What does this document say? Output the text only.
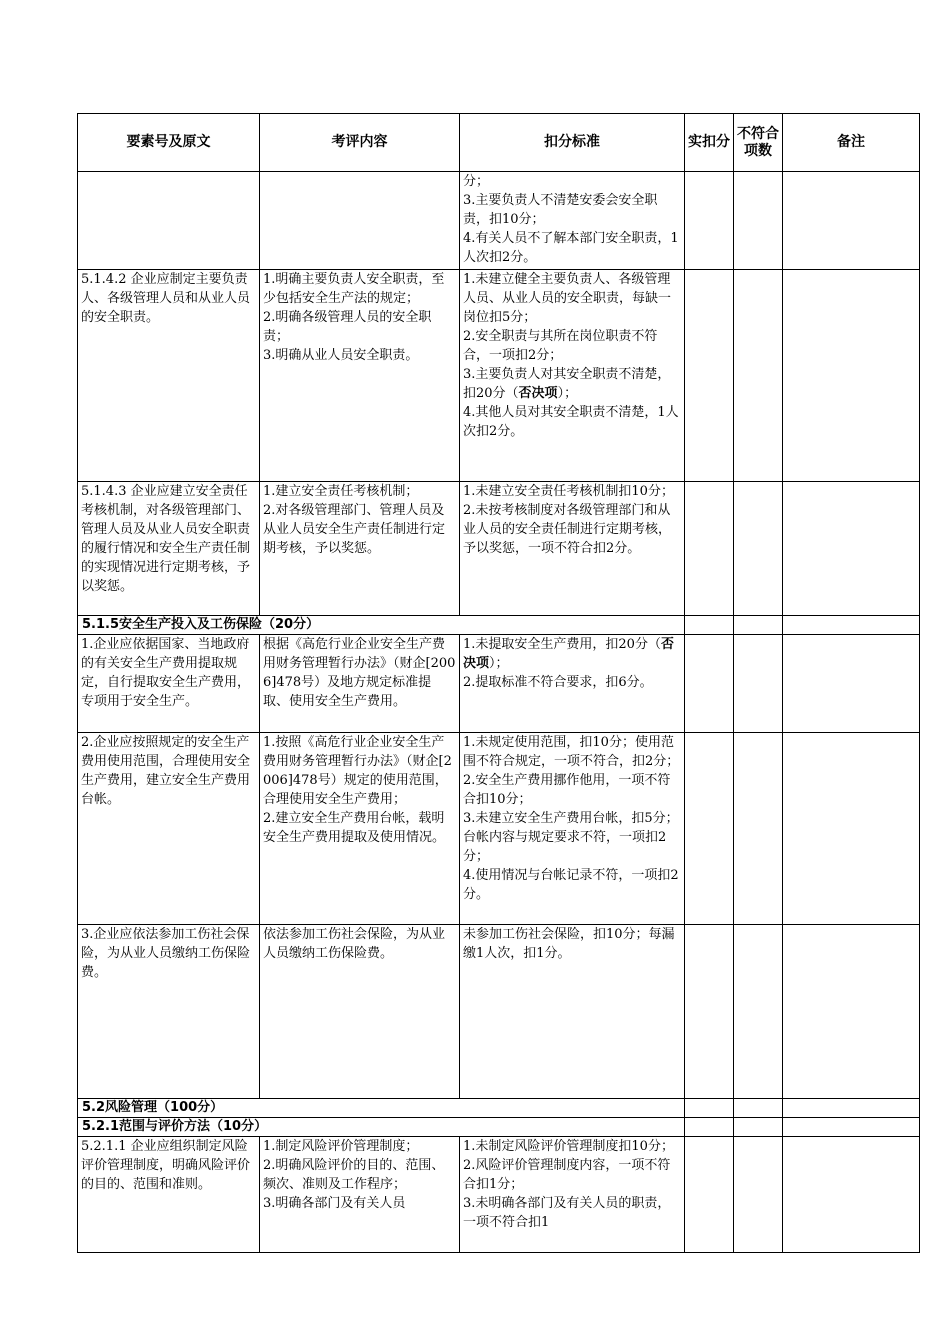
要素号及原文	考评内容	扣分标准	实扣分	不符合项数	备注
		分；
3.主要负责人不清楚安委会安全职责，扣10分；
4.有关人员不了解本部门安全职责，1人次扣2分。			
5.1.4.2 企业应制定主要负责人、各级管理人员和从业人员的安全职责。	1.明确主要负责人安全职责，至少包括安全生产法的规定；
2.明确各级管理人员的安全职责；
3.明确从业人员安全职责。	1.未建立健全主要负责人、各级管理人员、从业人员的安全职责，每缺一岗位扣5分；
2.安全职责与其所在岗位职责不符合，一项扣2分；
3.主要负责人对其安全职责不清楚，扣20分（否决项）；
4.其他人员对其安全职责不清楚，1人次扣2分。			
5.1.4.3 企业应建立安全责任考核机制，对各级管理部门、管理人员及从业人员安全职责的履行情况和安全生产责任制的实现情况进行定期考核，予以奖惩。	1.建立安全责任考核机制；
2.对各级管理部门、管理人员及从业人员安全生产责任制进行定期考核，予以奖惩。	1.未建立安全责任考核机制扣10分；
2.未按考核制度对各级管理部门和从业人员的安全责任制进行定期考核，予以奖惩，一项不符合扣2分。			
5.1.5安全生产投入及工伤保险（20分）					
1.企业应依据国家、当地政府的有关安全生产费用提取规定，自行提取安全生产费用，专项用于安全生产。	根据《高危行业企业安全生产费用财务管理暂行办法》（财企[2006]478号）及地方规定标准提取、使用安全生产费用。	1.未提取安全生产费用，扣20分（否决项）；
2.提取标准不符合要求，扣6分。			
2.企业应按照规定的安全生产费用使用范围，合理使用安全生产费用，建立安全生产费用台帐。	1.按照《高危行业企业安全生产费用财务管理暂行办法》（财企[2006]478号）规定的使用范围，合理使用安全生产费用；
2.建立安全生产费用台帐，载明安全生产费用提取及使用情况。	1.未规定使用范围，扣10分；使用范围不符合规定，一项不符合，扣2分；
2.安全生产费用挪作他用，一项不符合扣10分；
3.未建立安全生产费用台帐，扣5分；台帐内容与规定要求不符，一项扣2分；
4.使用情况与台帐记录不符，一项扣2分。			
3.企业应依法参加工伤社会保险，为从业人员缴纳工伤保险费。	依法参加工伤社会保险，为从业人员缴纳工伤保险费。	未参加工伤社会保险，扣10分；每漏缴1人次，扣1分。			
5.2风险管理（100分）					
5.2.1范围与评价方法（10分）					
5.2.1.1 企业应组织制定风险评价管理制度，明确风险评价的目的、范围和准则。	1.制定风险评价管理制度；
2.明确风险评价的目的、范围、频次、准则及工作程序；
3.明确各部门及有关人员	1.未制定风险评价管理制度扣10分；
2.风险评价管理制度内容，一项不符合扣1分；
3.未明确各部门及有关人员的职责，一项不符合扣1			
